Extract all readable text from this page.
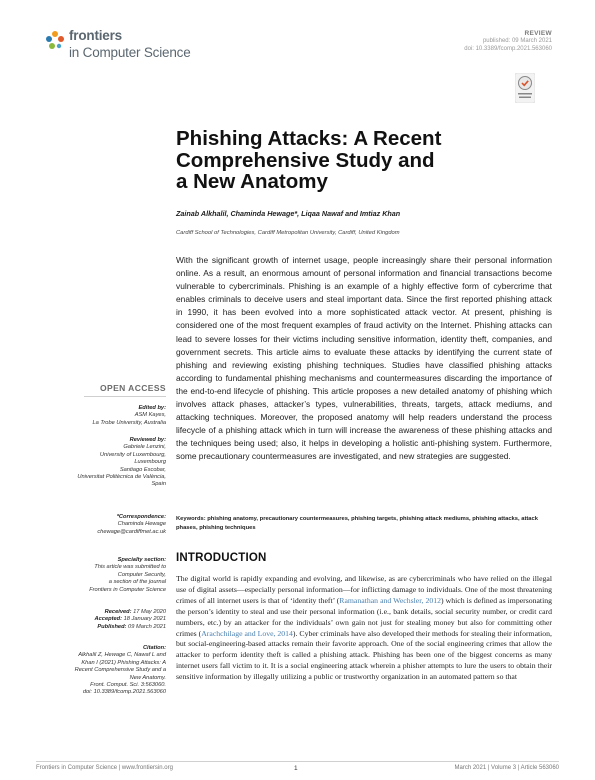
frontiers
in Computer Science
REVIEW
published: 09 March 2021
doi: 10.3389/fcomp.2021.563060
Phishing Attacks: A Recent
Comprehensive Study and
a New Anatomy
Zainab Alkhalil, Chaminda Hewage*, Liqaa Nawaf and Imtiaz Khan
Cardiff School of Technologies, Cardiff Metropolitan University, Cardiff, United Kingdom

With the significant growth of internet usage, people increasingly share their personal information online. As a result, an enormous amount of personal information and financial transactions become vulnerable to cybercriminals. Phishing is an example of a highly effective form of cybercrime that enables criminals to deceive users and steal important data. Since the first reported phishing attack in 1990, it has been evolved into a more sophisticated attack vector. At present, phishing is considered one of the most frequent examples of fraud activity on the Internet. Phishing attacks can lead to severe losses for their victims including sensitive information, identity theft, companies, and government secrets. This article aims to evaluate these attacks by identifying the current state of phishing and reviewing existing phishing techniques. Studies have classified phishing attacks according to fundamental phishing mechanisms and countermeasures discarding the importance of the end-to-end lifecycle of phishing. This article proposes a new detailed anatomy of phishing which involves attack phases, attacker’s types, vulnerabilities, threats, targets, attack mediums, and attacking techniques. Moreover, the proposed anatomy will help readers understand the process lifecycle of a phishing attack which in turn will increase the awareness of these phishing attacks and the techniques being used; also, it helps in developing a holistic anti-phishing system. Furthermore, some precautionary countermeasures are investigated, and new strategies are suggested.

Keywords: phishing anatomy, precautionary countermeasures, phishing targets, phishing attack mediums, phishing attacks, attack phases, phishing techniques

OPEN ACCESS
Edited by:
ASM Kayes,
La Trobe University, Australia
Reviewed by:
Gabriele Lenzini,
University of Luxembourg,
Luxembourg
Santiago Escobar,
Universitat Politècnica de València,
Spain
*Correspondence:
Chaminda Hewage
chewage@cardiffmet.ac.uk
Specialty section:
This article was submitted to
Computer Security,
a section of the journal
Frontiers in Computer Science
Received: 17 May 2020
Accepted: 18 January 2021
Published: 09 March 2021
Citation:
Alkhalil Z, Hewage C, Nawaf L and
Khan I (2021) Phishing Attacks: A
Recent Comprehensive Study and a
New Anatomy.
Front. Comput. Sci. 3:563060.
doi: 10.3389/fcomp.2021.563060
INTRODUCTION

The digital world is rapidly expanding and evolving, and likewise, as are cybercriminals who have relied on the illegal use of digital assets—especially personal information—for inflicting damage to individuals. One of the most threatening crimes of all internet users is that of ‘identity theft’ (Ramanathan and Wechsler, 2012) which is defined as impersonating the person’s identity to steal and use their personal information (i.e., bank details, social security number, or credit card numbers, etc.) by an attacker for the individuals’ own gain not just for stealing money but also for committing other crimes (Arachchilage and Love, 2014). Cyber criminals have also developed their methods for stealing their information, but social-engineering-based attacks remain their favorite approach. One of the social engineering crimes that allow the attacker to perform identity theft is called a phishing attack. Phishing has been one of the biggest concerns as many internet users fall victim to it. It is a social engineering attack wherein a phisher attempts to lure the users to obtain their sensitive information by illegally utilizing a public or trustworthy organization in an automated pattern so that

Frontiers in Computer Science | www.frontiersin.org	1	March 2021 | Volume 3 | Article 563060
